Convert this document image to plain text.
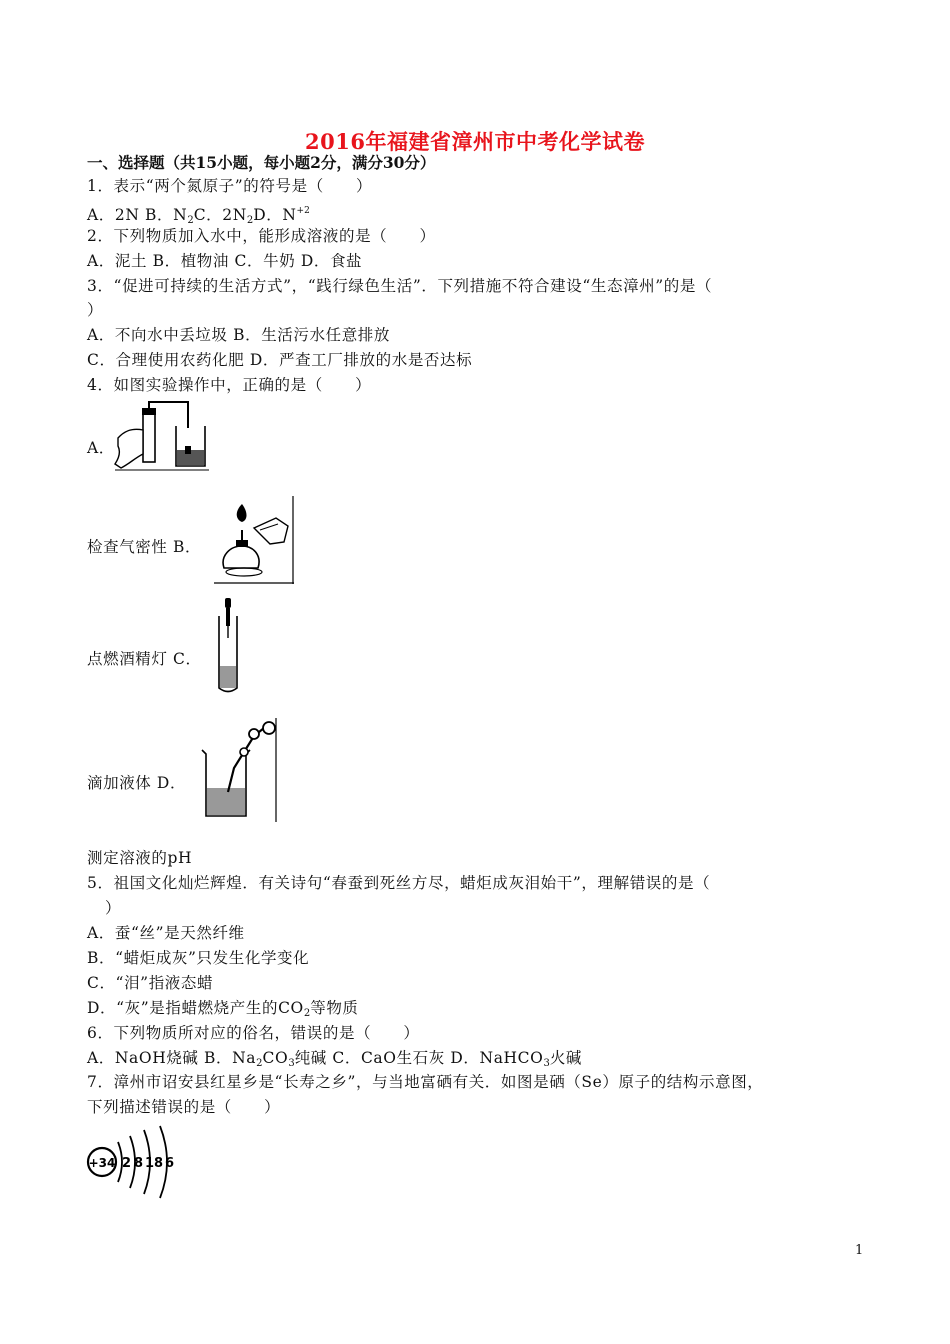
2016年福建省漳州市中考化学试卷
一、选择题（共15小题，每小题2分，满分30分）
1．表示“两个氮原子”的符号是（　　）
A．2N B．$N_2C$．$2N_2D$．$N^{+2}$
2．下列物质加入水中，能形成溶液的是（　　）
A．泥土 B．植物油 C．牛奶 D．食盐
3．“促进可持续的生活方式”，“践行绿色生活”．下列措施不符合建设“生态漳州”的是（
）
A．不向水中丢垃圾 B．生活污水任意排放
C．合理使用农药化肥 D．严查工厂排放的水是否达标
4．如图实验操作中，正确的是（　　）
A．
检查气密性 B．
点燃酒精灯 C．
滴加液体 D．
测定溶液的pH
5．祖国文化灿烂辉煌．有关诗句“春蚕到死丝方尽，蜡炬成灰泪始干”，理解错误的是（
）
A．蚕“丝”是天然纤维
B．“蜡炬成灰”只发生化学变化
C．“泪”指液态蜡
D．“灰”是指蜡燃烧产生的$CO_2$等物质
6．下列物质所对应的俗名，错误的是（　　）
A．NaOH烧碱 B．$Na_2CO_3$纯碱 C．CaO生石灰 D．NaHCO$_3$火碱
7．漳州市诏安县红星乡是“长寿之乡”，与当地富硒有关．如图是硒（Se）原子的结构示意图，
下列描述错误的是（　　）
+34 2 8 18 6
1
